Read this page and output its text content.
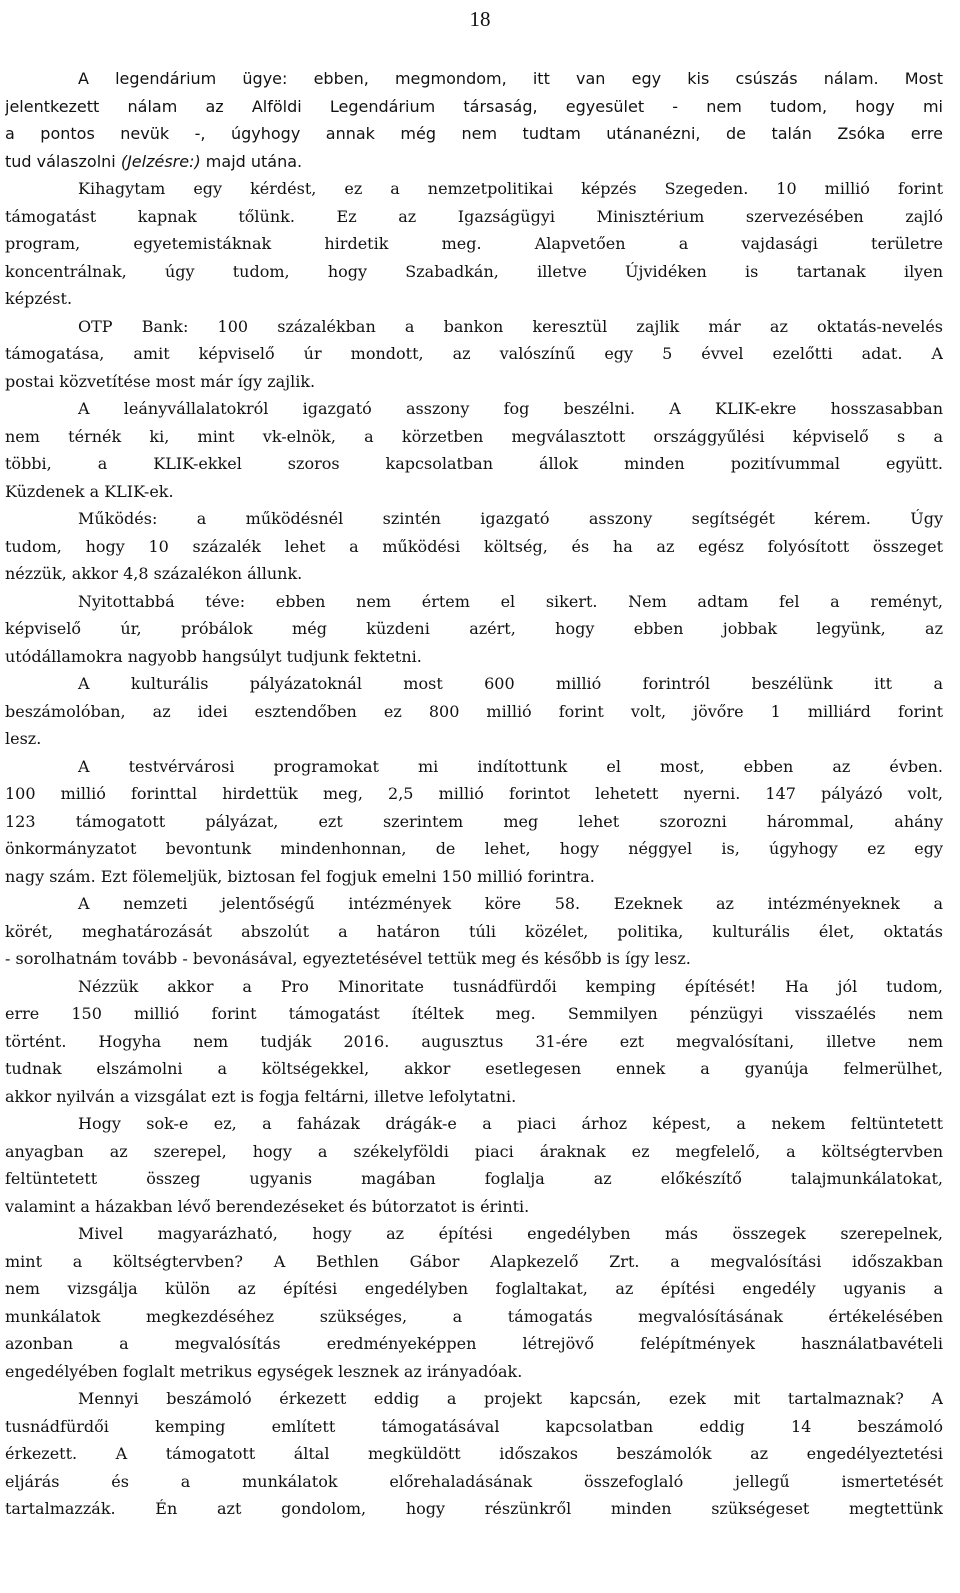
18
A legendárium ügye: ebben, megmondom, itt van egy kis csúszás nálam. Most
jelentkezett nálam az Alföldi Legendárium társaság, egyesület - nem tudom, hogy mi
a pontos nevük -, úgyhogy annak még nem tudtam utánanézni, de talán Zsóka erre
tud válaszolni (Jelzésre:) majd utána.
Kihagytam egy kérdést, ez a nemzetpolitikai képzés Szegeden. 10 millió forint
támogatást kapnak tőlünk. Ez az Igazságügyi Minisztérium szervezésében zajló
program, egyetemistáknak hirdetik meg. Alapvetően a vajdasági területre
koncentrálnak, úgy tudom, hogy Szabadkán, illetve Újvidéken is tartanak ilyen
képzést.
OTP Bank: 100 százalékban a bankon keresztül zajlik már az oktatás-nevelés
támogatása, amit képviselő úr mondott, az valószínű egy 5 évvel ezelőtti adat. A
postai közvetítése most már így zajlik.
A leányvállalatokról igazgató asszony fog beszélni. A KLIK-ekre hosszasabban
nem térnék ki, mint vk-elnök, a körzetben megválasztott országgyűlési képviselő s a
többi, a KLIK-ekkel szoros kapcsolatban állok minden pozitívummal együtt.
Küzdenek a KLIK-ek.
Működés: a működésnél szintén igazgató asszony segítségét kérem. Úgy
tudom, hogy 10 százalék lehet a működési költség, és ha az egész folyósított összeget
nézzük, akkor 4,8 százalékon állunk.
Nyitottabbá téve: ebben nem értem el sikert. Nem adtam fel a reményt,
képviselő úr, próbálok még küzdeni azért, hogy ebben jobbak legyünk, az
utódállamokra nagyobb hangsúlyt tudjunk fektetni.
A kulturális pályázatoknál most 600 millió forintról beszélünk itt a
beszámolóban, az idei esztendőben ez 800 millió forint volt, jövőre 1 milliárd forint
lesz.
A testvérvárosi programokat mi indítottunk el most, ebben az évben.
100 millió forinttal hirdettük meg, 2,5 millió forintot lehetett nyerni. 147 pályázó volt,
123 támogatott pályázat, ezt szerintem meg lehet szorozni hárommal, ahány
önkormányzatot bevontunk mindenhonnan, de lehet, hogy néggyel is, úgyhogy ez egy
nagy szám. Ezt fölemeljük, biztosan fel fogjuk emelni 150 millió forintra.
A nemzeti jelentőségű intézmények köre 58. Ezeknek az intézményeknek a
körét, meghatározását abszolút a határon túli közélet, politika, kulturális élet, oktatás
- sorolhatnám tovább - bevonásával, egyeztetésével tettük meg és később is így lesz.
Nézzük akkor a Pro Minoritate tusnádfürdői kemping építését! Ha jól tudom,
erre 150 millió forint támogatást ítéltek meg. Semmilyen pénzügyi visszaélés nem
történt. Hogyha nem tudják 2016. augusztus 31-ére ezt megvalósítani, illetve nem
tudnak elszámolni a költségekkel, akkor esetlegesen ennek a gyanúja felmerülhet,
akkor nyilván a vizsgálat ezt is fogja feltárni, illetve lefolytatni.
Hogy sok-e ez, a faházak drágák-e a piaci árhoz képest, a nekem feltüntetett
anyagban az szerepel, hogy a székelyföldi piaci áraknak ez megfelelő, a költségtervben
feltüntetett összeg ugyanis magában foglalja az előkészítő talajmunkálatokat,
valamint a házakban lévő berendezéseket és bútorzatot is érinti.
Mivel magyarázható, hogy az építési engedélyben más összegek szerepelnek,
mint a költségtervben? A Bethlen Gábor Alapkezelő Zrt. a megvalósítási időszakban
nem vizsgálja külön az építési engedélyben foglaltakat, az építési engedély ugyanis a
munkálatok megkezdéséhez szükséges, a támogatás megvalósításának értékelésében
azonban a megvalósítás eredményeképpen létrejövő felépítmények használatbavételi
engedélyében foglalt metrikus egységek lesznek az irányadóak.
Mennyi beszámoló érkezett eddig a projekt kapcsán, ezek mit tartalmaznak? A
tusnádfürdői kemping említett támogatásával kapcsolatban eddig 14 beszámoló
érkezett. A támogatott által megküldött időszakos beszámolók az engedélyeztetési
eljárás és a munkálatok előrehaladásának összefoglaló jellegű ismertetését
tartalmazzák. Én azt gondolom, hogy részünkről minden szükségeset megtettünk
